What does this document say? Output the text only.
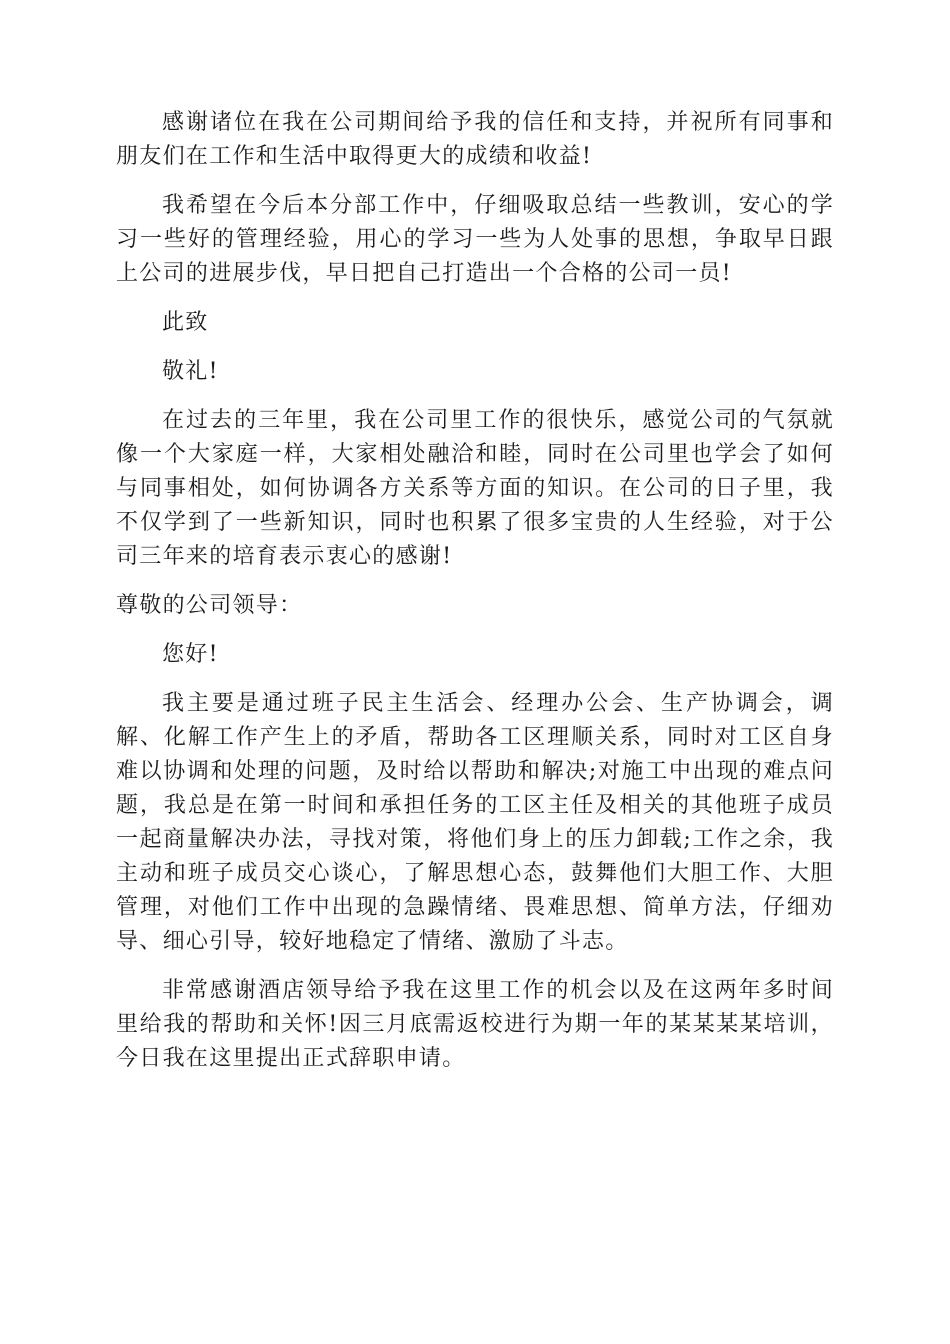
感谢诸位在我在公司期间给予我的信任和支持，并祝所有同事和朋友们在工作和生活中取得更大的成绩和收益!

我希望在今后本分部工作中，仔细吸取总结一些教训，安心的学习一些好的管理经验，用心的学习一些为人处事的思想，争取早日跟上公司的进展步伐，早日把自己打造出一个合格的公司一员!

此致

敬礼!

在过去的三年里，我在公司里工作的很快乐，感觉公司的气氛就像一个大家庭一样，大家相处融洽和睦，同时在公司里也学会了如何与同事相处，如何协调各方关系等方面的知识。在公司的日子里，我不仅学到了一些新知识，同时也积累了很多宝贵的人生经验，对于公司三年来的培育表示衷心的感谢!

尊敬的公司领导：

您好!

我主要是通过班子民主生活会、经理办公会、生产协调会，调解、化解工作产生上的矛盾，帮助各工区理顺关系，同时对工区自身难以协调和处理的问题，及时给以帮助和解决;对施工中出现的难点问题，我总是在第一时间和承担任务的工区主任及相关的其他班子成员一起商量解决办法，寻找对策，将他们身上的压力卸载;工作之余，我主动和班子成员交心谈心，了解思想心态，鼓舞他们大胆工作、大胆管理，对他们工作中出现的急躁情绪、畏难思想、简单方法，仔细劝导、细心引导，较好地稳定了情绪、激励了斗志。

非常感谢酒店领导给予我在这里工作的机会以及在这两年多时间里给我的帮助和关怀!因三月底需返校进行为期一年的某某某某培训，今日我在这里提出正式辞职申请。
